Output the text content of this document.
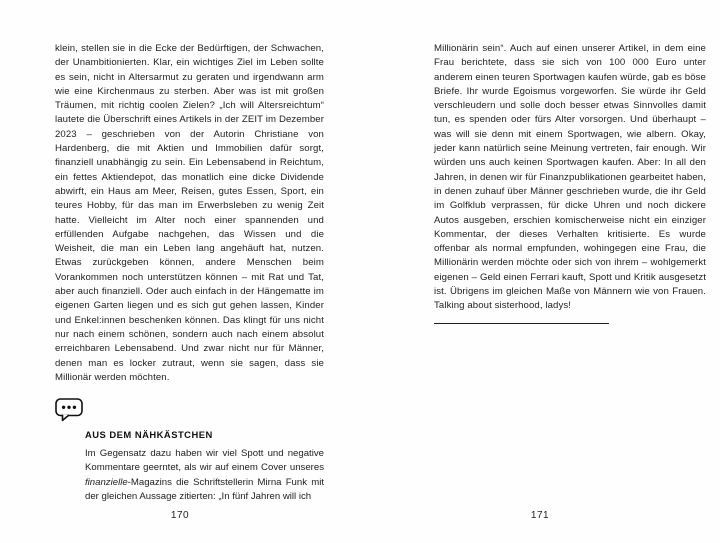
klein, stellen sie in die Ecke der Bedürftigen, der Schwachen, der Unambitionierten. Klar, ein wichtiges Ziel im Leben sollte es sein, nicht in Altersarmut zu geraten und irgendwann arm wie eine Kirchenmaus zu sterben. Aber was ist mit großen Träumen, mit richtig coolen Zielen? „Ich will Altersreichtum“ lautete die Überschrift eines Artikels in der ZEIT im Dezember 2023 – geschrieben von der Autorin Christiane von Hardenberg, die mit Aktien und Immobilien dafür sorgt, finanziell unabhängig zu sein. Ein Lebensabend in Reichtum, ein fettes Aktiendepot, das monatlich eine dicke Dividende abwirft, ein Haus am Meer, Reisen, gutes Essen, Sport, ein teures Hobby, für das man im Erwerbsleben zu wenig Zeit hatte. Vielleicht im Alter noch einer spannenden und erfüllenden Aufgabe nachgehen, das Wissen und die Weisheit, die man ein Leben lang angehäuft hat, nutzen. Etwas zurückgeben können, andere Menschen beim Vorankommen noch unterstützen können – mit Rat und Tat, aber auch finanziell. Oder auch einfach in der Hängematte im eigenen Garten liegen und es sich gut gehen lassen, Kinder und Enkel:innen beschenken können. Das klingt für uns nicht nur nach einem schönen, sondern auch nach einem absolut erreichbaren Lebensabend. Und zwar nicht nur für Männer, denen man es locker zutraut, wenn sie sagen, dass sie Millionär werden möchten.

AUS DEM NÄHKÄSTCHEN

Im Gegensatz dazu haben wir viel Spott und negative Kommentare geerntet, als wir auf einem Cover unseres finanzielle-Magazins die Schriftstellerin Mirna Funk mit der gleichen Aussage zitierten: „In fünf Jahren will ich

Millionärin sein“. Auch auf einen unserer Artikel, in dem eine Frau berichtete, dass sie sich von 100 000 Euro unter anderem einen teuren Sportwagen kaufen würde, gab es böse Briefe. Ihr wurde Egoismus vorgeworfen. Sie würde ihr Geld verschleudern und solle doch besser etwas Sinnvolles damit tun, es spenden oder fürs Alter vorsorgen. Und überhaupt – was will sie denn mit einem Sportwagen, wie albern. Okay, jeder kann natürlich seine Meinung vertreten, fair enough. Wir würden uns auch keinen Sportwagen kaufen. Aber: In all den Jahren, in denen wir für Finanzpublikationen gearbeitet haben, in denen zuhauf über Männer geschrieben wurde, die ihr Geld im Golfklub verprassen, für dicke Uhren und noch dickere Autos ausgeben, erschien komischerweise nicht ein einziger Kommentar, der dieses Verhalten kritisierte. Es wurde offenbar als normal empfunden, wohingegen eine Frau, die Millionärin werden möchte oder sich von ihrem – wohlgemerkt eigenen – Geld einen Ferrari kauft, Spott und Kritik ausgesetzt ist. Übrigens im gleichen Maße von Männern wie von Frauen. Talking about sisterhood, ladys!

170	171
